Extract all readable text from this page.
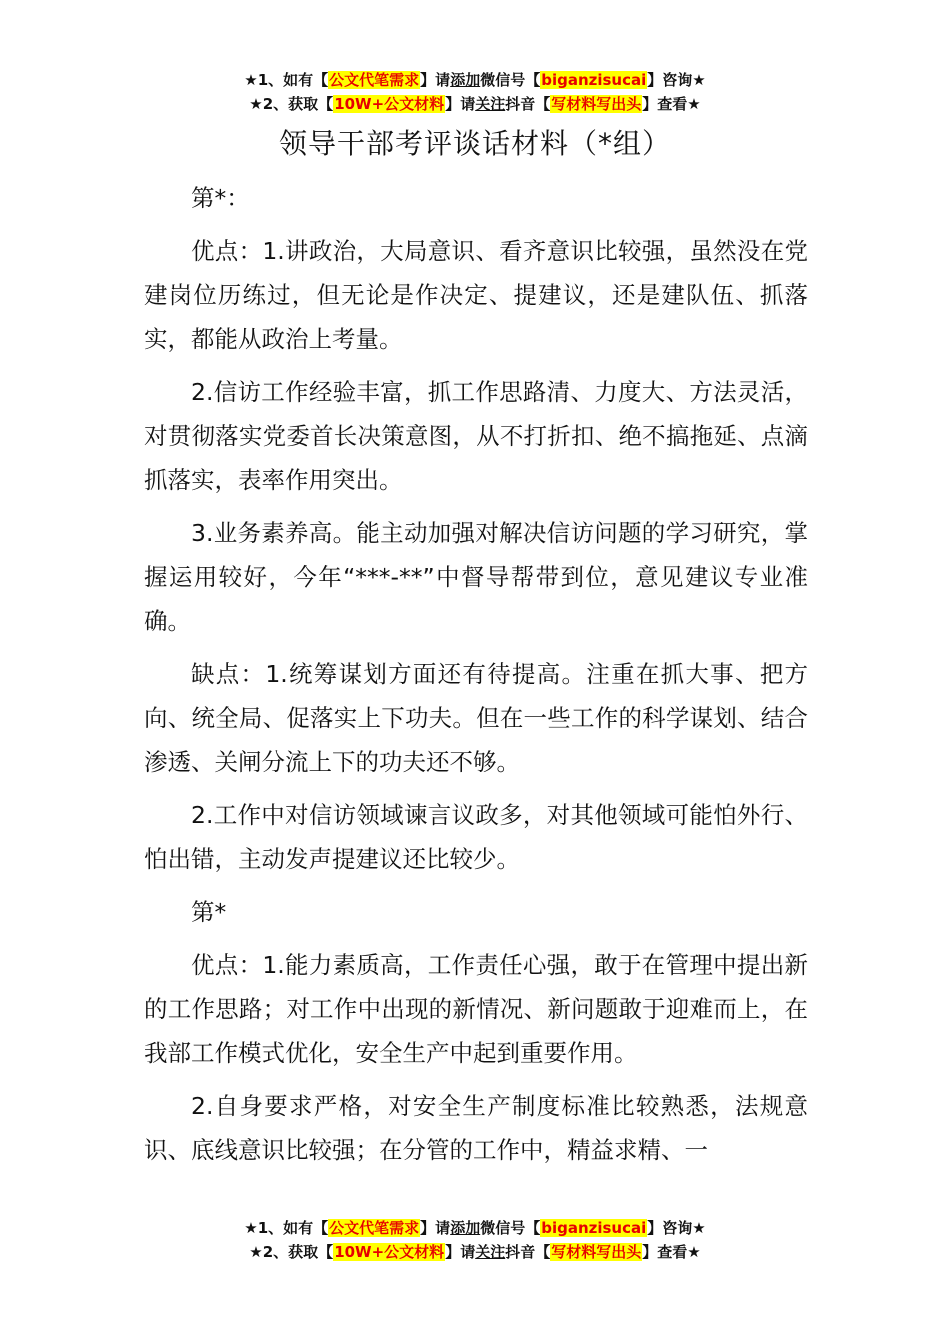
★1、如有【公文代笔需求】请添加微信号【biganzisucai】咨询★
★2、获取【10W+公文材料】请关注抖音【写材料写出头】查看★
领导干部考评谈话材料（*组）

第*：

优点：1.讲政治，大局意识、看齐意识比较强，虽然没在党建岗位历练过，但无论是作决定、提建议，还是建队伍、抓落实，都能从政治上考量。

2.信访工作经验丰富，抓工作思路清、力度大、方法灵活，对贯彻落实党委首长决策意图，从不打折扣、绝不搞拖延、点滴抓落实，表率作用突出。

3.业务素养高。能主动加强对解决信访问题的学习研究，掌握运用较好，今年“***-**”中督导帮带到位，意见建议专业准确。

缺点：1.统筹谋划方面还有待提高。注重在抓大事、把方向、统全局、促落实上下功夫。但在一些工作的科学谋划、结合渗透、关闸分流上下的功夫还不够。

2.工作中对信访领域谏言议政多，对其他领域可能怕外行、怕出错，主动发声提建议还比较少。

第*

优点：1.能力素质高，工作责任心强，敢于在管理中提出新的工作思路；对工作中出现的新情况、新问题敢于迎难而上，在我部工作模式优化，安全生产中起到重要作用。

2.自身要求严格，对安全生产制度标准比较熟悉，法规意识、底线意识比较强；在分管的工作中，精益求精、一

★1、如有【公文代笔需求】请添加微信号【biganzisucai】咨询★
★2、获取【10W+公文材料】请关注抖音【写材料写出头】查看★
